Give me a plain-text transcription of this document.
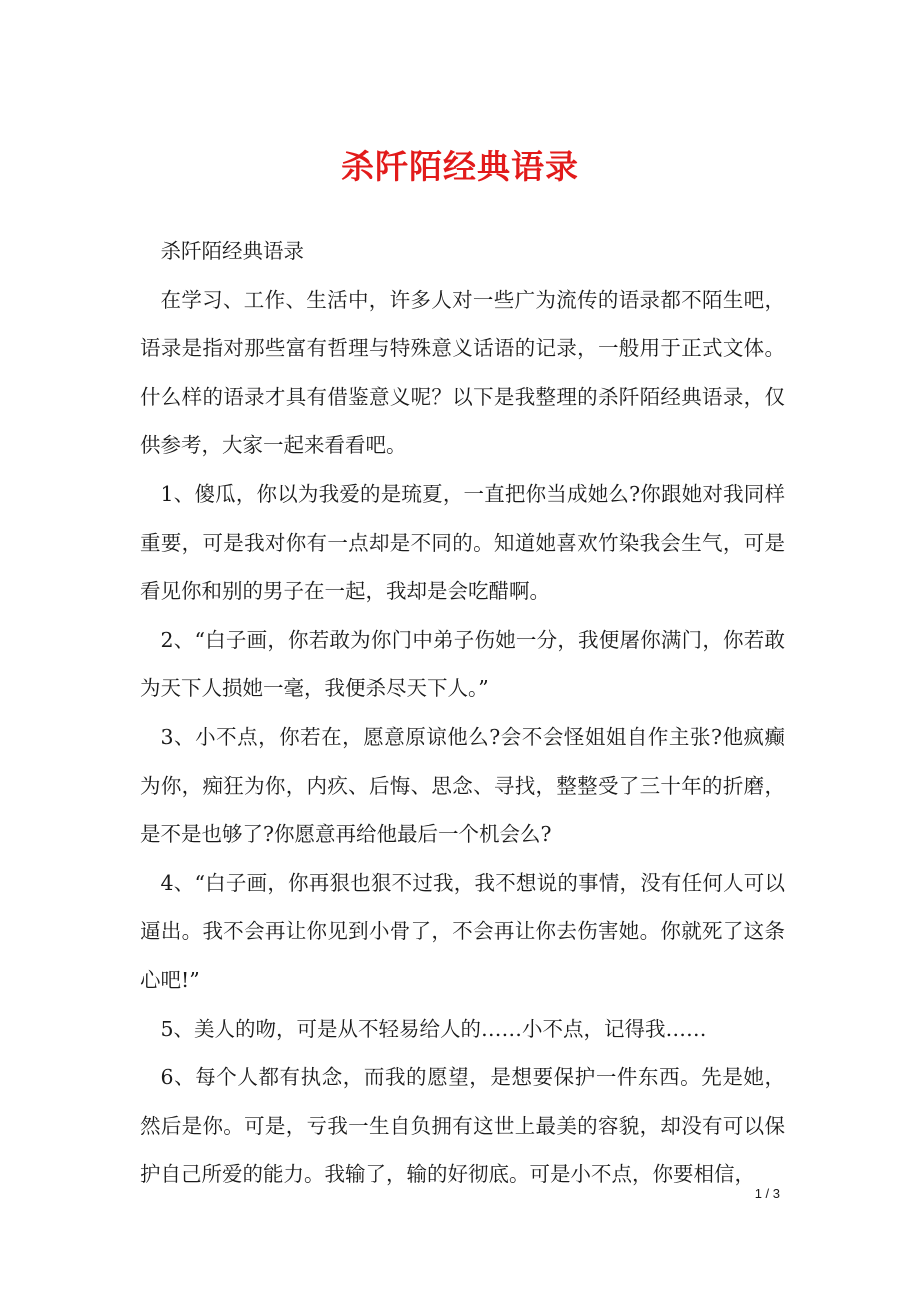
杀阡陌经典语录

杀阡陌经典语录

在学习、工作、生活中，许多人对一些广为流传的语录都不陌生吧，语录是指对那些富有哲理与特殊意义话语的记录，一般用于正式文体。什么样的语录才具有借鉴意义呢？以下是我整理的杀阡陌经典语录，仅供参考，大家一起来看看吧。

1、傻瓜，你以为我爱的是琉夏，一直把你当成她么?你跟她对我同样重要，可是我对你有一点却是不同的。知道她喜欢竹染我会生气，可是看见你和别的男子在一起，我却是会吃醋啊。

2、“白子画，你若敢为你门中弟子伤她一分，我便屠你满门，你若敢为天下人损她一毫，我便杀尽天下人。”

3、小不点，你若在，愿意原谅他么?会不会怪姐姐自作主张?他疯癫为你，痴狂为你，内疚、后悔、思念、寻找，整整受了三十年的折磨，是不是也够了?你愿意再给他最后一个机会么?

4、“白子画，你再狠也狠不过我，我不想说的事情，没有任何人可以逼出。我不会再让你见到小骨了，不会再让你去伤害她。你就死了这条心吧!”

5、美人的吻，可是从不轻易给人的……小不点，记得我……

6、每个人都有执念，而我的愿望，是想要保护一件东西。先是她，然后是你。可是，亏我一生自负拥有这世上最美的容貌，却没有可以保护自己所爱的能力。我输了，输的好彻底。可是小不点，你要相信，

1 / 3
